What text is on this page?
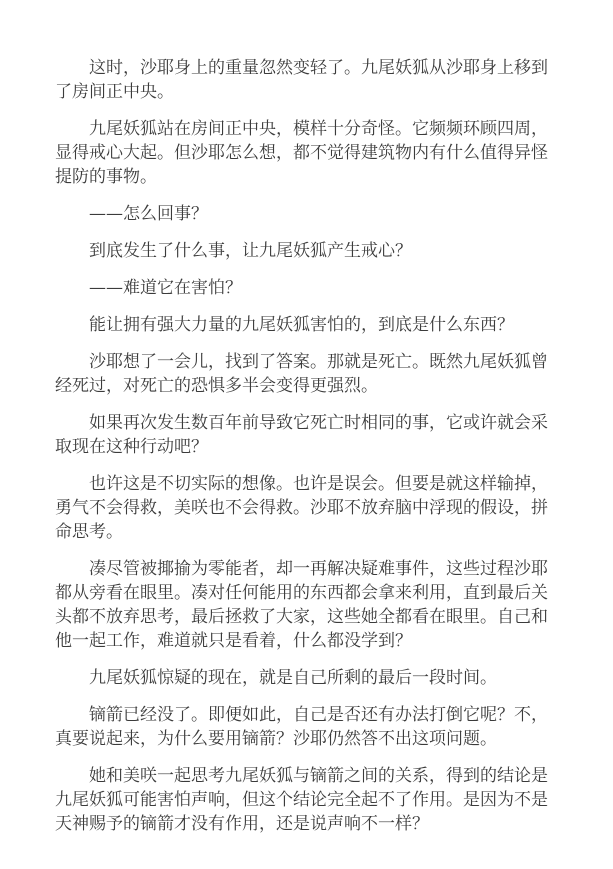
这时，沙耶身上的重量忽然变轻了。九尾妖狐从沙耶身上移到了房间正中央。

九尾妖狐站在房间正中央，模样十分奇怪。它频频环顾四周，显得戒心大起。但沙耶怎么想，都不觉得建筑物内有什么值得异怪提防的事物。

——怎么回事？

到底发生了什么事，让九尾妖狐产生戒心？

——难道它在害怕？

能让拥有强大力量的九尾妖狐害怕的，到底是什么东西？

沙耶想了一会儿，找到了答案。那就是死亡。既然九尾妖狐曾经死过，对死亡的恐惧多半会变得更强烈。

如果再次发生数百年前导致它死亡时相同的事，它或许就会采取现在这种行动吧？

也许这是不切实际的想像。也许是误会。但要是就这样输掉，勇气不会得救，美咲也不会得救。沙耶不放弃脑中浮现的假设，拼命思考。

凑尽管被揶揄为零能者，却一再解决疑难事件，这些过程沙耶都从旁看在眼里。凑对任何能用的东西都会拿来利用，直到最后关头都不放弃思考，最后拯救了大家，这些她全都看在眼里。自己和他一起工作，难道就只是看着，什么都没学到？

九尾妖狐惊疑的现在，就是自己所剩的最后一段时间。

镝箭已经没了。即便如此，自己是否还有办法打倒它呢？不，真要说起来，为什么要用镝箭？沙耶仍然答不出这项问题。

她和美咲一起思考九尾妖狐与镝箭之间的关系，得到的结论是九尾妖狐可能害怕声响，但这个结论完全起不了作用。是因为不是天神赐予的镝箭才没有作用，还是说声响不一样？
